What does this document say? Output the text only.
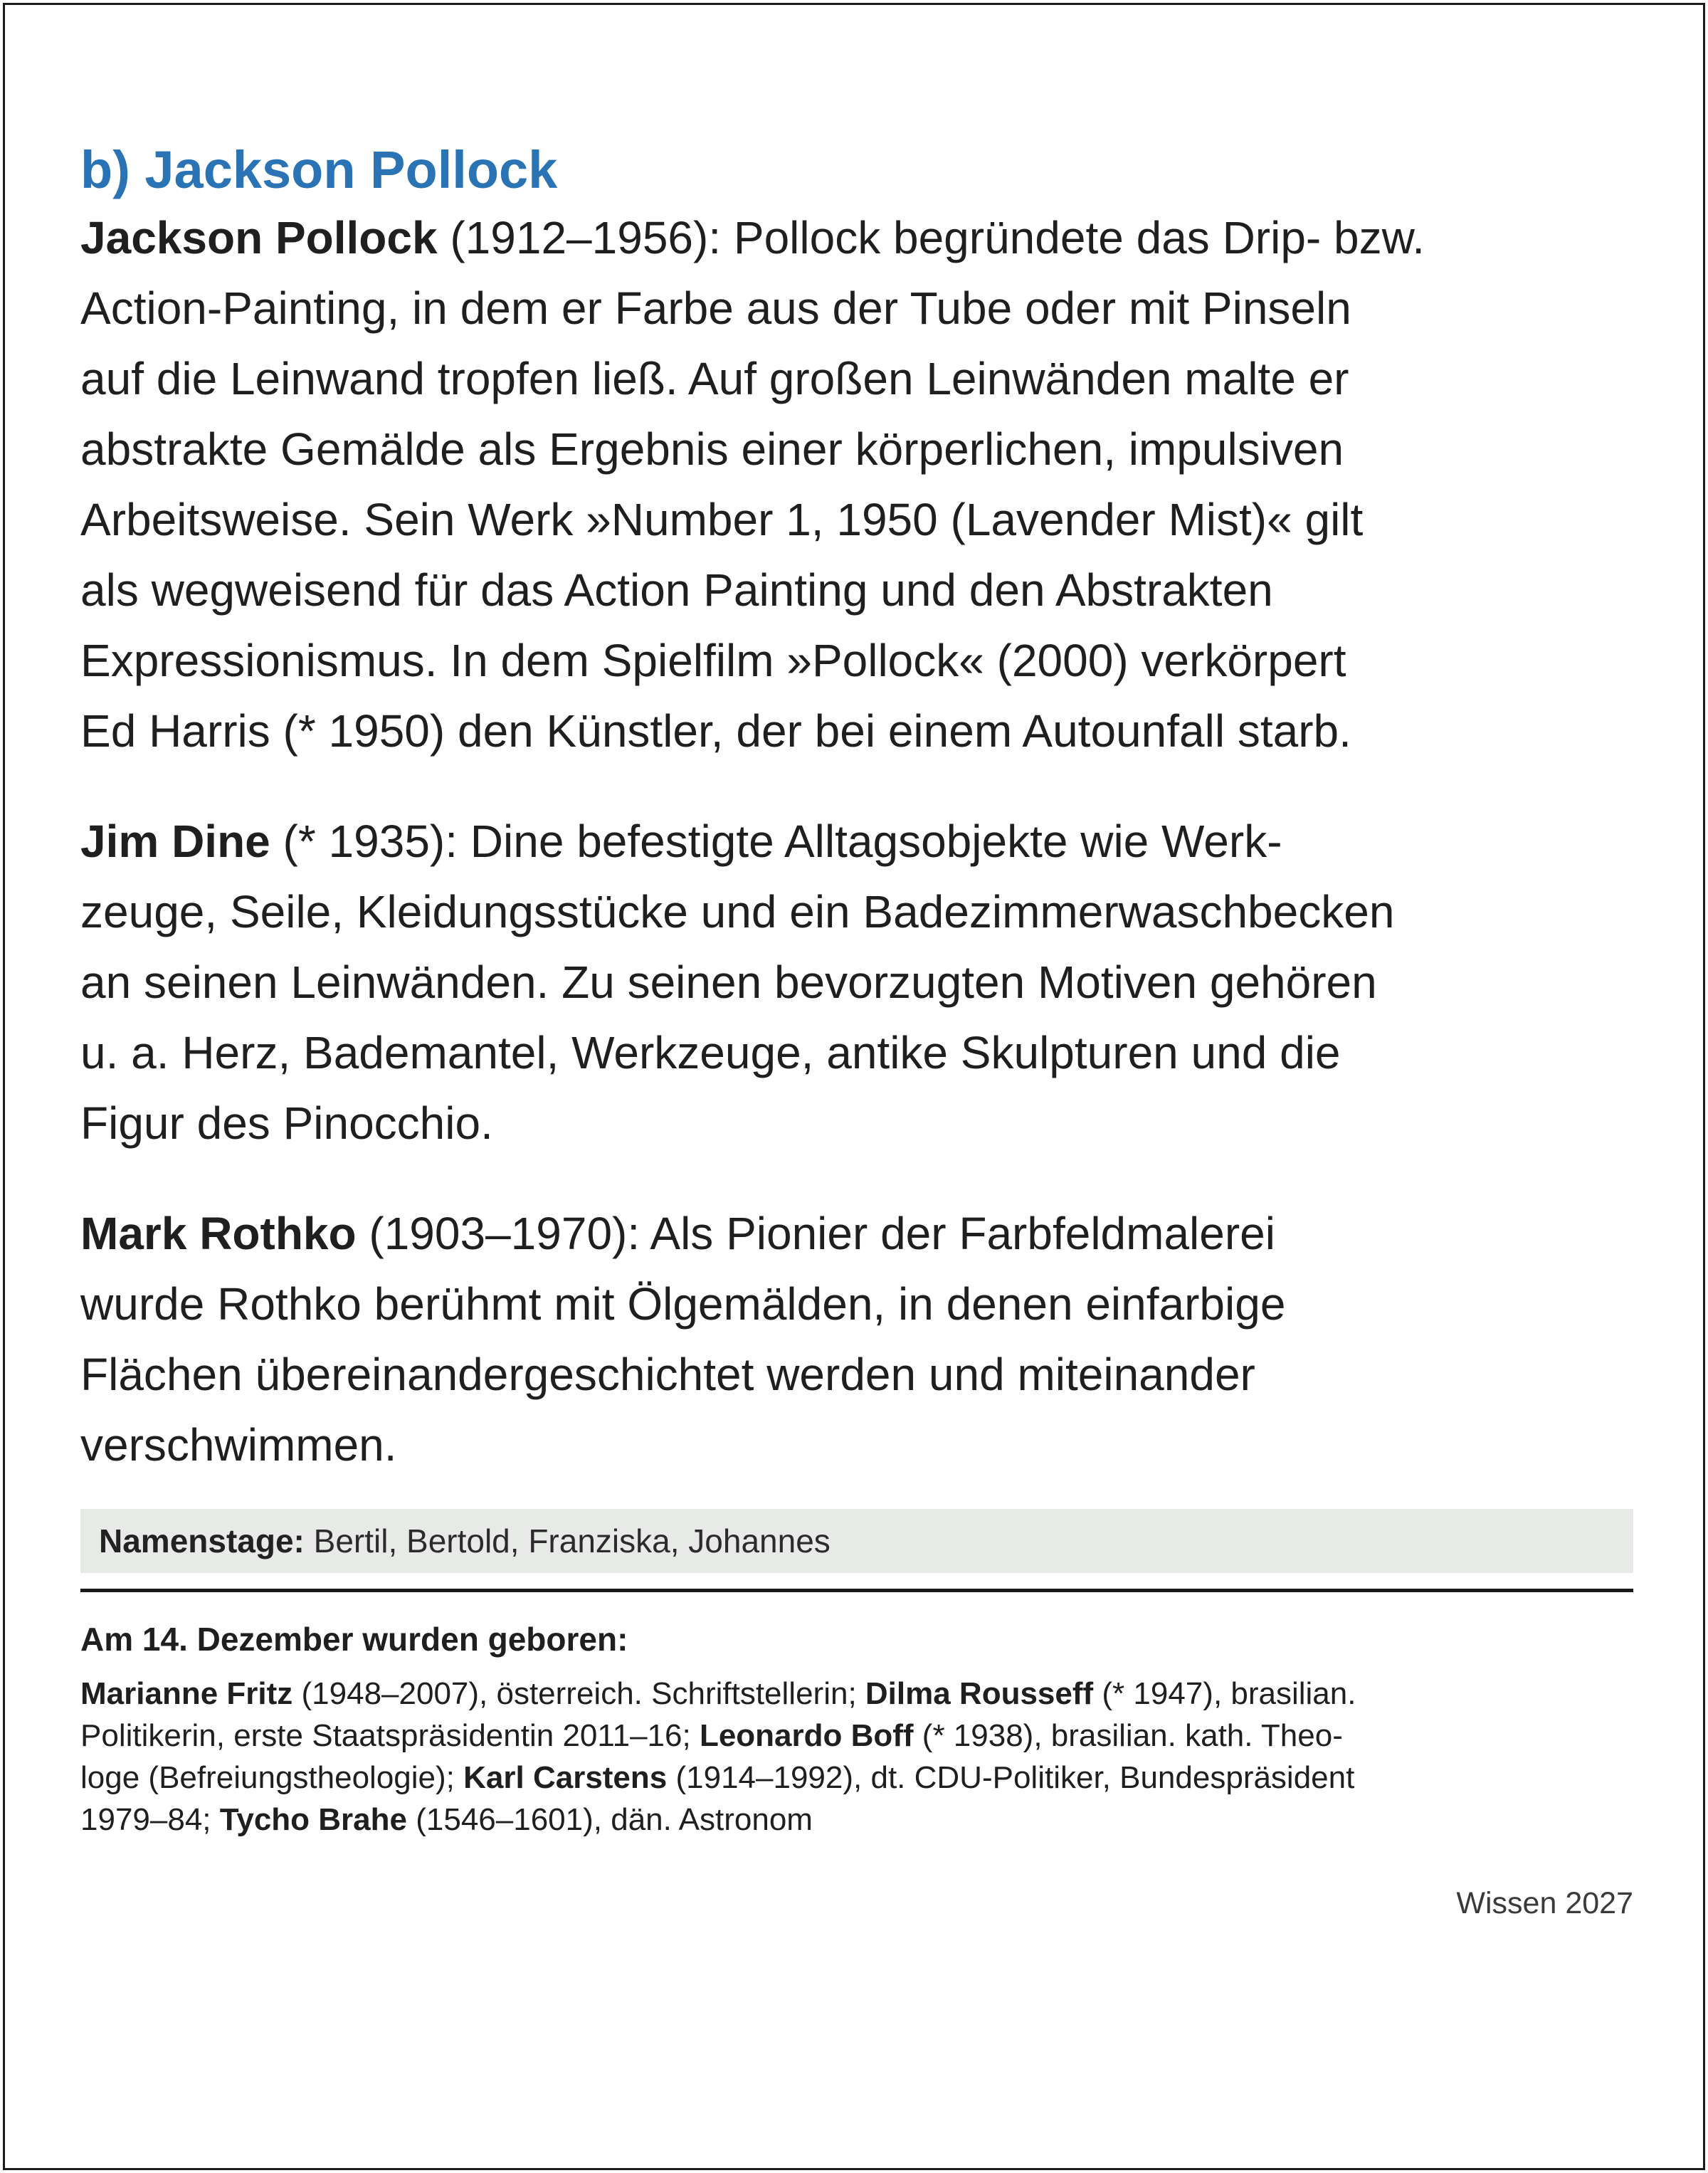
b) Jackson Pollock
Jackson Pollock (1912–1956): Pollock begründete das Drip- bzw.
Action-Painting, in dem er Farbe aus der Tube oder mit Pinseln
auf die Leinwand tropfen ließ. Auf großen Leinwänden malte er
abstrakte Gemälde als Ergebnis einer körperlichen, impulsiven
Arbeitsweise. Sein Werk »Number 1, 1950 (Lavender Mist)« gilt
als wegweisend für das Action Painting und den Abstrakten
Expressionismus. In dem Spielfilm »Pollock« (2000) verkörpert
Ed Harris (* 1950) den Künstler, der bei einem Autounfall starb.
Jim Dine (* 1935): Dine befestigte Alltagsobjekte wie Werk-
zeuge, Seile, Kleidungsstücke und ein Badezimmerwaschbecken
an seinen Leinwänden. Zu seinen bevorzugten Motiven gehören
u. a. Herz, Bademantel, Werkzeuge, antike Skulpturen und die
Figur des Pinocchio.
Mark Rothko (1903–1970): Als Pionier der Farbfeldmalerei
wurde Rothko berühmt mit Ölgemälden, in denen einfarbige
Flächen übereinandergeschichtet werden und miteinander
verschwimmen.
Namenstage: Bertil, Bertold, Franziska, Johannes
Am 14. Dezember wurden geboren:
Marianne Fritz (1948–2007), österreich. Schriftstellerin; Dilma Rousseff (* 1947), brasilian.
Politikerin, erste Staatspräsidentin 2011–16; Leonardo Boff (* 1938), brasilian. kath. Theo-
loge (Befreiungstheologie); Karl Carstens (1914–1992), dt. CDU-Politiker, Bundespräsident
1979–84; Tycho Brahe (1546–1601), dän. Astronom
Wissen 2027
